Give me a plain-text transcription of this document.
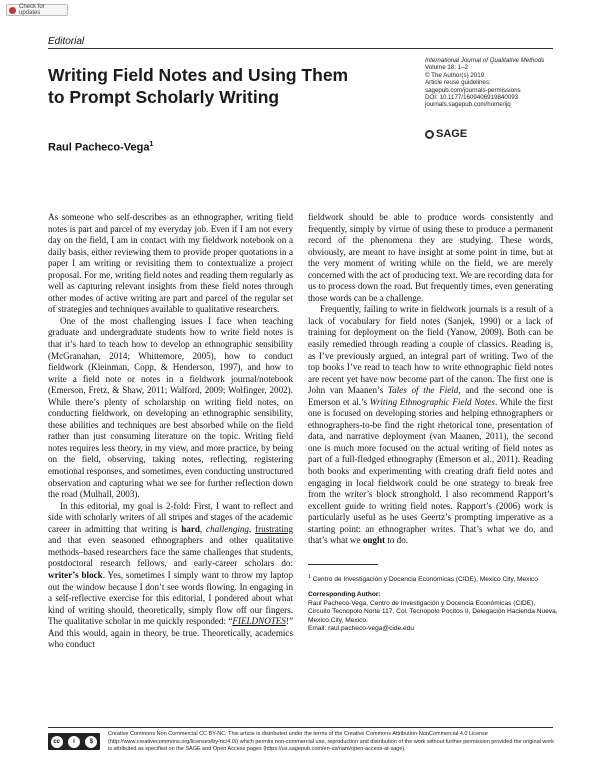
Check for updates
Editorial
Writing Field Notes and Using Them
to Prompt Scholarly Writing
Raul Pacheco-Vega$^1$
International Journal of Qualitative Methods
Volume 18: 1–2
© The Author(s) 2019
Article reuse guidelines:
sagepub.com/journals-permissions
DOI: 10.1177/1609406919840093
journals.sagepub.com/home/ijq
SAGE

As someone who self-describes as an ethnographer, writing field notes is part and parcel of my everyday job. Even if I am not every day on the field, I am in contact with my fieldwork notebook on a daily basis, either reviewing them to provide proper quotations in a paper I am writing or revisiting them to contextualize a project proposal. For me, writing field notes and reading them regularly as well as capturing relevant insights from these field notes through other modes of active writing are part and parcel of the regular set of strategies and techniques available to qualitative researchers.

One of the most challenging issues I face when teaching graduate and undergraduate students how to write field notes is that it’s hard to teach how to develop an ethnographic sensibility (McGranahan, 2014; Whittemore, 2005), how to conduct fieldwork (Kleinman, Copp, & Henderson, 1997), and how to write a field note or notes in a fieldwork journal/notebook (Emerson, Fretz, & Shaw, 2011; Walford, 2009; Wolfinger, 2002). While there’s plenty of scholarship on writing field notes, on conducting fieldwork, on developing an ethnographic sensibility, these abilities and techniques are best absorbed while on the field rather than just consuming literature on the topic. Writing field notes requires less theory, in my view, and more practice, by being on the field, observing, taking notes, reflecting, registering emotional responses, and sometimes, even conducting unstructured observation and capturing what we see for further reflection down the road (Mulhall, 2003).

In this editorial, my goal is 2-fold: First, I want to reflect and side with scholarly writers of all stripes and stages of the academic career in admitting that writing is hard, challenging, frustrating and that even seasoned ethnographers and other qualitative methods–based researchers face the same challenges that students, postdoctoral research fellows, and early-career scholars do: writer’s block. Yes, sometimes I simply want to throw my laptop out the window because I don’t see words flowing. In engaging in a self-reflective exercise for this editorial, I pondered about what kind of writing should, theoretically, simply flow off our fingers. The qualitative scholar in me quickly responded: “FIELDNOTES!” And this would, again in theory, be true. Theoretically, academics who conduct

fieldwork should be able to produce words consistently and frequently, simply by virtue of using these to produce a permanent record of the phenomena they are studying. These words, obviously, are meant to have insight at some point in time, but at the very moment of writing while on the field, we are merely concerned with the act of producing text. We are recording data for us to process down the road. But frequently times, even generating those words can be a challenge.

Frequently, failing to write in fieldwork journals is a result of a lack of vocabulary for field notes (Sanjek, 1990) or a lack of training for deployment on the field (Yanow, 2009). Both can be easily remedied through reading a couple of classics. Reading is, as I’ve previously argued, an integral part of writing. Two of the top books I’ve read to teach how to write ethnographic field notes are recent yet have now become part of the canon. The first one is John van Maanen’s Tales of the Field, and the second one is Emerson et al.’s Writing Ethnographic Field Notes. While the first one is focused on developing stories and helping ethnographers or ethnographers-to-be find the right rhetorical tone, presentation of data, and narrative deployment (van Maanen, 2011), the second one is much more focused on the actual writing of field notes as part of a full-fledged ethnography (Emerson et al., 2011). Reading both books and experimenting with creating draft field notes and engaging in local fieldwork could be one strategy to break free from the writer’s block stronghold. I also recommend Rapport’s excellent guide to writing field notes. Rapport’s (2006) work is particularly useful as he uses Geertz’s prompting imperative as a starting point: an ethnographer writes. That’s what we do, and that’s what we ought to do.

$^1$ Centro de Investigación y Docencia Económicas (CIDE), Mexico City, Mexico
Corresponding Author:
Raul Pacheco-Vega, Centro de Investigación y Docencia Económicas (CIDE), Circuito Tecnopolo Norte 117, Col. Tecnopolo Pocitos II, Delegación Hacienda Nueva, Mexico City, Mexico.
Email: raul.pacheco-vega@cide.edu
cc	i	$
Creative Commons Non Commercial CC BY-NC: This article is distributed under the terms of the Creative Commons Attribution-NonCommercial 4.0 License (http://www.creativecommons.org/licenses/by-nc/4.0/) which permits non-commercial use, reproduction and distribution of the work without further permission provided the original work is attributed as specified on the SAGE and Open Access pages (https://us.sagepub.com/en-us/nam/open-access-at-sage).
